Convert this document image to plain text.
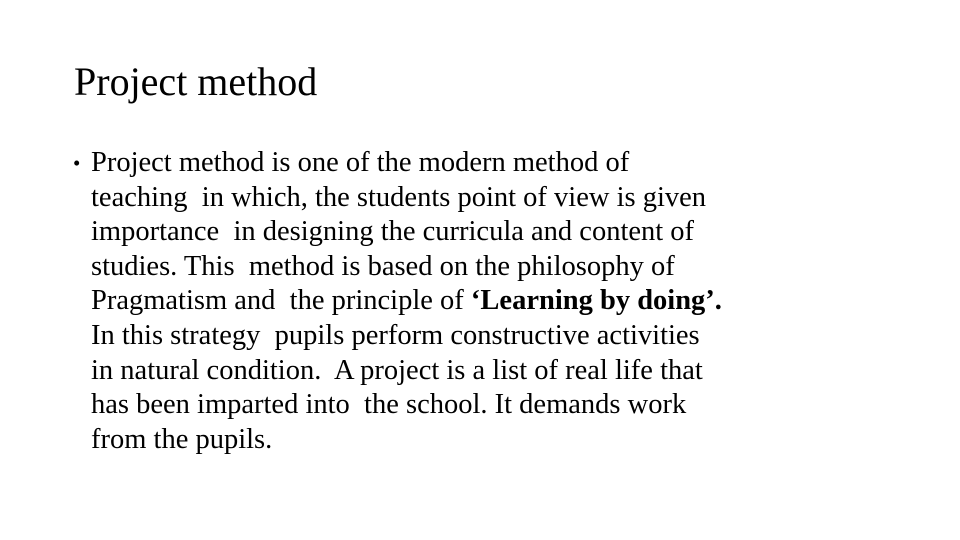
Project method
• Project method is one of the modern method of
teaching  in which, the students point of view is given
importance  in designing the curricula and content of
studies. This  method is based on the philosophy of
Pragmatism and  the principle of ‘Learning by doing’.
In this strategy  pupils perform constructive activities
in natural condition.  A project is a list of real life that
has been imparted into  the school. It demands work
from the pupils.
